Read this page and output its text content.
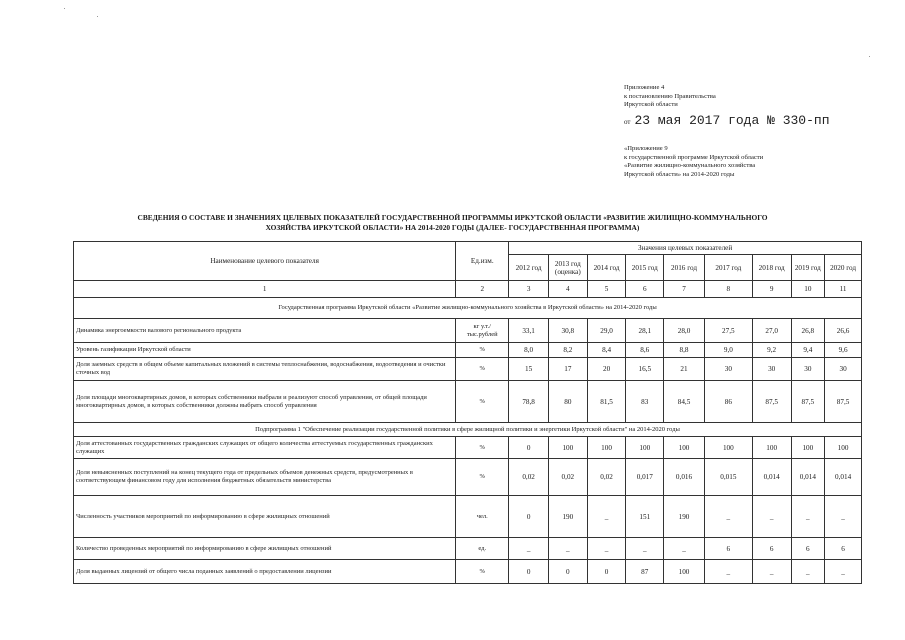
Приложение 4
к постановлению Правительства
Иркутской области
от 23 мая 2017 года № 330-пп
«Приложение 9
к государственной программе Иркутской области
«Развитие жилищно-коммунального хозяйства
Иркутской области» на 2014-2020 годы
СВЕДЕНИЯ О СОСТАВЕ И ЗНАЧЕНИЯХ ЦЕЛЕВЫХ ПОКАЗАТЕЛЕЙ ГОСУДАРСТВЕННОЙ ПРОГРАММЫ ИРКУТСКОЙ ОБЛАСТИ «РАЗВИТИЕ ЖИЛИЩНО-КОММУНАЛЬНОГО
ХОЗЯЙСТВА ИРКУТСКОЙ ОБЛАСТИ» НА 2014-2020 ГОДЫ (ДАЛЕЕ- ГОСУДАРСТВЕННАЯ ПРОГРАММА)
Наименование целевого показателя	Ед.изм.	Значения целевых показателей								
		2012 год	2013 год (оценка)	2014 год	2015 год	2016 год	2017 год	2018 год	2019 год	2020 год
1	2	3	4	5	6	7	8	9	10	11
Государственная программа Иркутской области «Развитие жилищно-коммунального хозяйства в Иркутской области» на 2014-2020 годы										
Динамика энергоемкости валового регионального продукта	кг у.т./ тыс.рублей	33,1	30,8	29,0	28,1	28,0	27,5	27,0	26,8	26,6
Уровень газификации Иркутской области	%	8,0	8,2	8,4	8,6	8,8	9,0	9,2	9,4	9,6
Доля заемных средств в общем объеме капитальных вложений в системы теплоснабжения, водоснабжения, водоотведения и очистки сточных вод	%	15	17	20	16,5	21	30	30	30	30
Доля площади многоквартирных домов, в которых собственники выбрали и реализуют способ управления, от общей площади многоквартирных домов, в которых собственники должны выбрать способ управления	%	78,8	80	81,5	83	84,5	86	87,5	87,5	87,5
Подпрограмма 1 "Обеспечение реализации государственной политики в сфере жилищной политики и энергетики Иркутской области" на 2014-2020 годы										
Доля аттестованных государственных гражданских служащих от общего количества аттестуемых государственных гражданских служащих	%	0	100	100	100	100	100	100	100	100
Доля невыясненных поступлений на конец текущего года от предельных объемов денежных средств, предусмотренных в соответствующем финансовом году для исполнения бюджетных обязательств министерства	%	0,02	0,02	0,02	0,017	0,016	0,015	0,014	0,014	0,014
Численность участников мероприятий по информированию в сфере жилищных отношений	чел.	0	190	_	151	190	_	_	_	_
Количество проведенных мероприятий по информированию в сфере жилищных отношений	ед.	_	_	_	_	_	6	6	6	6
Доля выданных лицензий от общего числа поданных заявлений о предоставлении лицензии	%	0	0	0	87	100	_	_	_	_
